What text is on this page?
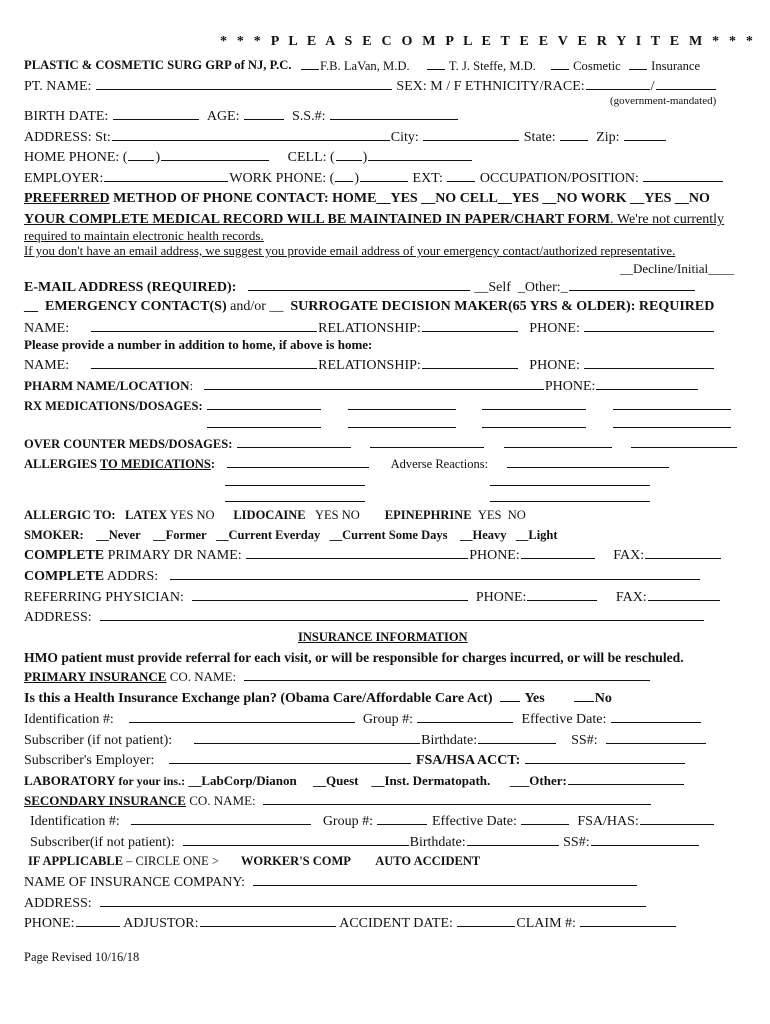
* * * P L E A S E C O M P L E T E E V E R Y I T E M * * *
PLASTIC & COSMETIC SURG GRP of NJ, P.C.	F.B. LaVan, M.D.	T. J. Steffe, M.D.	Cosmetic	Insurance
PT. NAME:	SEX: M / F ETHNICITY/RACE:	/
(government-mandated)
BIRTH DATE:	AGE:	S.S.#:
ADDRESS: St:	City:	State:	Zip:
HOME PHONE: ( )	CELL: ( )
EMPLOYER:	WORK PHONE: ( )	EXT:	OCCUPATION/POSITION:
PREFERRED METHOD OF PHONE CONTACT: HOME__YES __NO CELL__YES __NO WORK __YES __NO
YOUR COMPLETE MEDICAL RECORD WILL BE MAINTAINED IN PAPER/CHART FORM. We're not currently
required to maintain electronic health records.
If you don't have an email address, we suggest you provide email address of your emergency contact/authorized representative.
__Decline/Initial____
E-MAIL ADDRESS (REQUIRED):	__Self _Other:_
__ EMERGENCY CONTACT(S) and/or __ SURROGATE DECISION MAKER(65 YRS & OLDER): REQUIRED
NAME:	RELATIONSHIP:	PHONE:
Please provide a number in addition to home, if above is home:
NAME:	RELATIONSHIP:	PHONE:
PHARM NAME/LOCATION:	PHONE:
RX MEDICATIONS/DOSAGES:

OVER COUNTER MEDS/DOSAGES:
ALLERGIES TO MEDICATIONS:	Adverse Reactions:

ALLERGIC TO: LATEX YES NO LIDOCAINE YES NO EPINEPHRINE YES NO
SMOKER: __Never __Former __Current Everday __Current Some Days __Heavy __Light
COMPLETE PRIMARY DR NAME:	PHONE:	FAX:
COMPLETE ADDRS:
REFERRING PHYSICIAN:	PHONE:	FAX:
ADDRESS:
INSURANCE INFORMATION
HMO patient must provide referral for each visit, or will be responsible for charges incurred, or will be reschuled.
PRIMARY INSURANCE CO. NAME:
Is this a Health Insurance Exchange plan? (Obama Care/Affordable Care Act) Yes	No
Identification #:	Group #:	Effective Date:
Subscriber (if not patient):	Birthdate:	SS#:
Subscriber's Employer:	FSA/HSA ACCT:
LABORATORY for your ins.: __LabCorp/Dianon __Quest __Inst. Dermatopath. ___Other:
SECONDARY INSURANCE CO. NAME:
Identification #:	Group #:	Effective Date:	FSA/HAS:
Subscriber(if not patient):	Birthdate:	SS#:
IF APPLICABLE – CIRCLE ONE > WORKER'S COMP AUTO ACCIDENT
NAME OF INSURANCE COMPANY:
ADDRESS:
PHONE:	ADJUSTOR:	ACCIDENT DATE:	CLAIM #:
Page Revised 10/16/18
